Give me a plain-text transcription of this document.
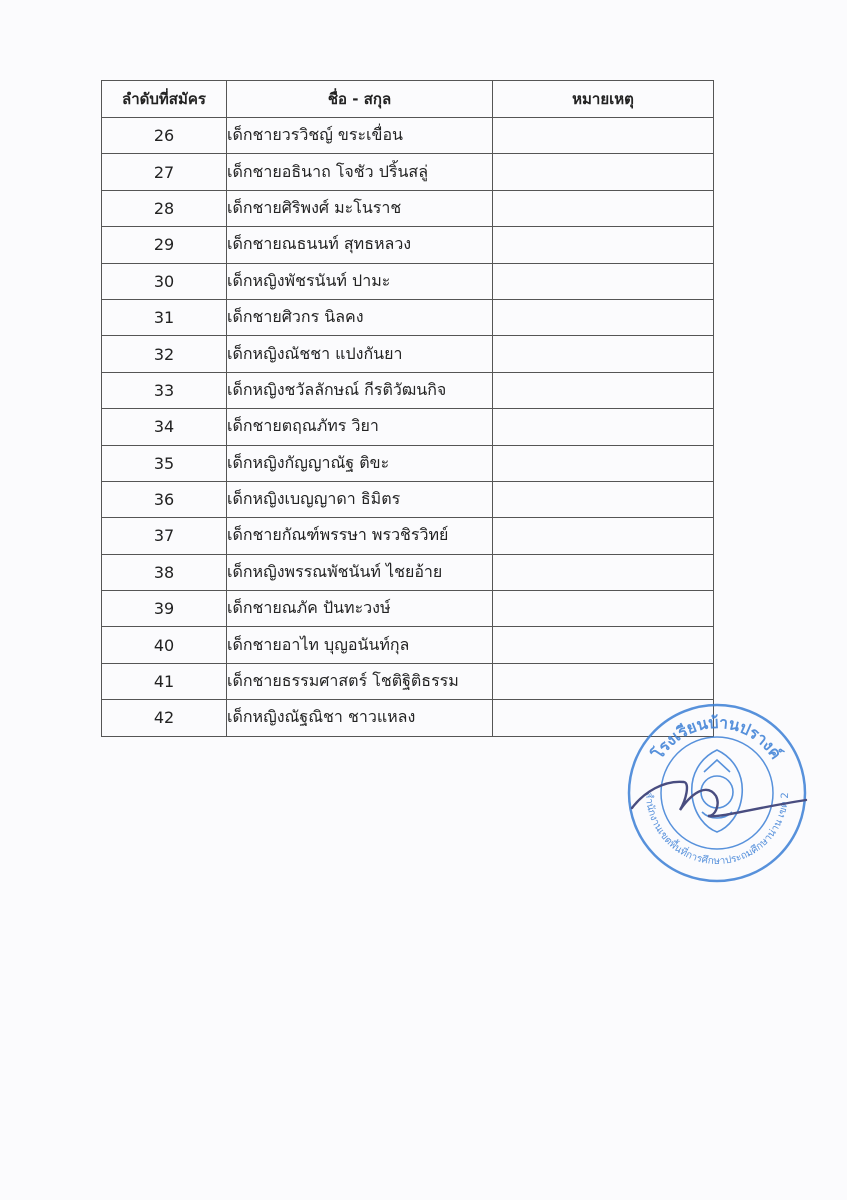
ลำดับที่สมัคร	ชื่อ - สกุล	หมายเหตุ
26	เด็กชายวรวิชญ์ ขระเขื่อน	
27	เด็กชายอธินาถ โจชัว ปริ้นสลู่	
28	เด็กชายศิริพงศ์ มะโนราช	
29	เด็กชายณธนนท์ สุทธหลวง	
30	เด็กหญิงพัชรนันท์ ปามะ	
31	เด็กชายศิวกร นิลคง	
32	เด็กหญิงณัชชา แปงกันยา	
33	เด็กหญิงชวัลลักษณ์ กีรติวัฒนกิจ	
34	เด็กชายตฤณภัทร วิยา	
35	เด็กหญิงกัญญาณัฐ ติขะ	
36	เด็กหญิงเบญญาดา ธิมิตร	
37	เด็กชายกัณฑ์พรรษา พรวชิรวิทย์	
38	เด็กหญิงพรรณพัชนันท์ ไชยอ้าย	
39	เด็กชายณภัค ปันทะวงษ์	
40	เด็กชายอาไท บุญอนันท์กุล	
41	เด็กชายธรรมศาสตร์ โชติฐิติธรรม	
42	เด็กหญิงณัฐณิชา ชาวแหลง	
โรงเรียนบ้านปรางค์
สำนักงานเขตพื้นที่การศึกษาประถมศึกษาน่าน เขต 2
